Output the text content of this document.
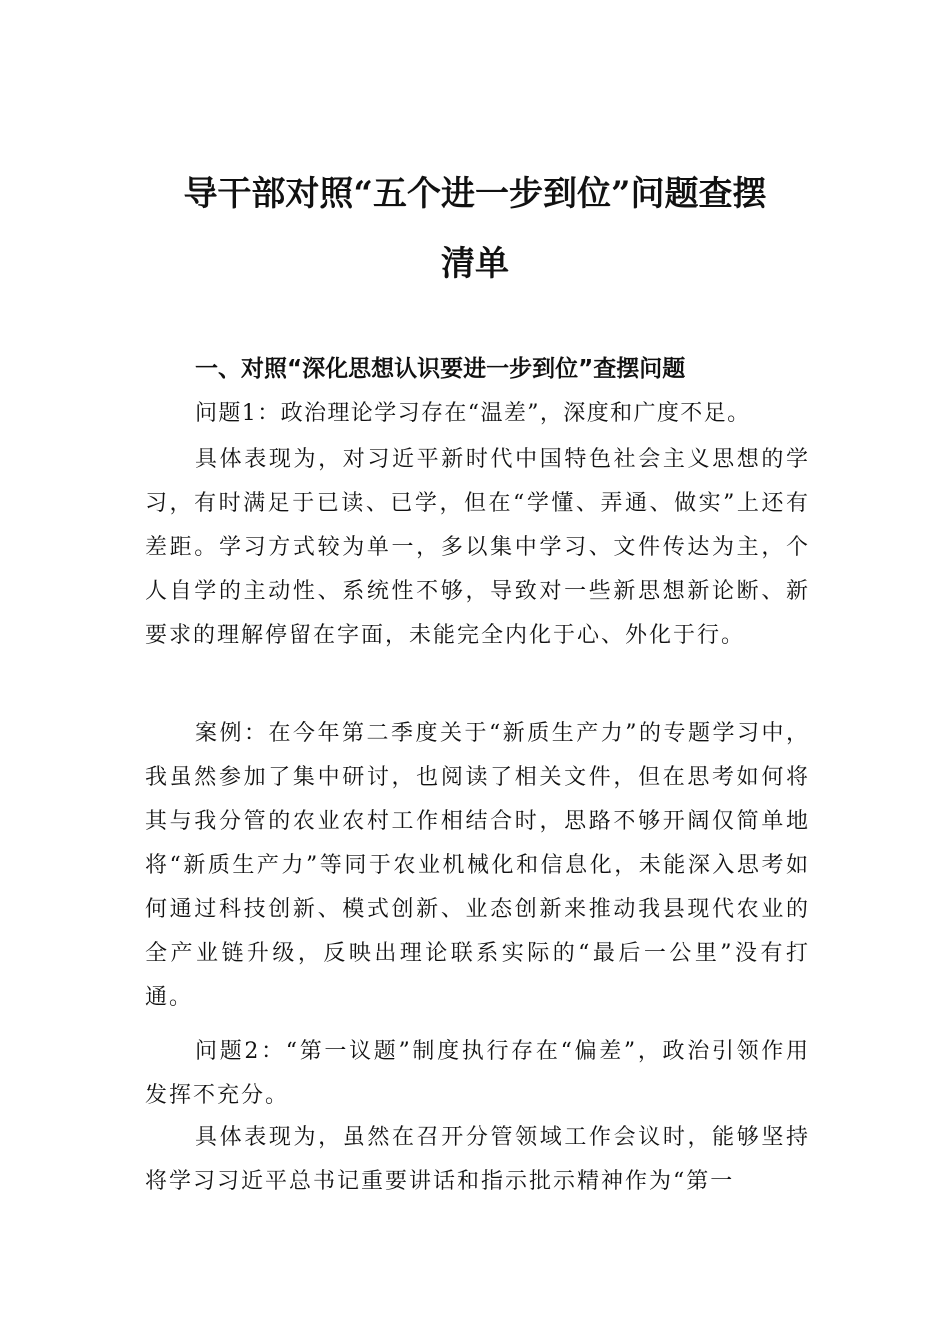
导干部对照“五个进一步到位”问题查摆
清单
一、对照“深化思想认识要进一步到位”查摆问题

问题1：政治理论学习存在“温差”，深度和广度不足。

具体表现为，对习近平新时代中国特色社会主义思想的学习，有时满足于已读、已学，但在“学懂、弄通、做实”上还有差距。学习方式较为单一，多以集中学习、文件传达为主，个人自学的主动性、系统性不够，导致对一些新思想新论断、新要求的理解停留在字面，未能完全内化于心、外化于行。

案例：在今年第二季度关于“新质生产力”的专题学习中，我虽然参加了集中研讨，也阅读了相关文件，但在思考如何将其与我分管的农业农村工作相结合时，思路不够开阔仅简单地将“新质生产力”等同于农业机械化和信息化，未能深入思考如何通过科技创新、模式创新、业态创新来推动我县现代农业的全产业链升级，反映出理论联系实际的“最后一公里”没有打通。

问题2：“第一议题”制度执行存在“偏差”，政治引领作用发挥不充分。

具体表现为，虽然在召开分管领域工作会议时，能够坚持将学习习近平总书记重要讲话和指示批示精神作为“第一
